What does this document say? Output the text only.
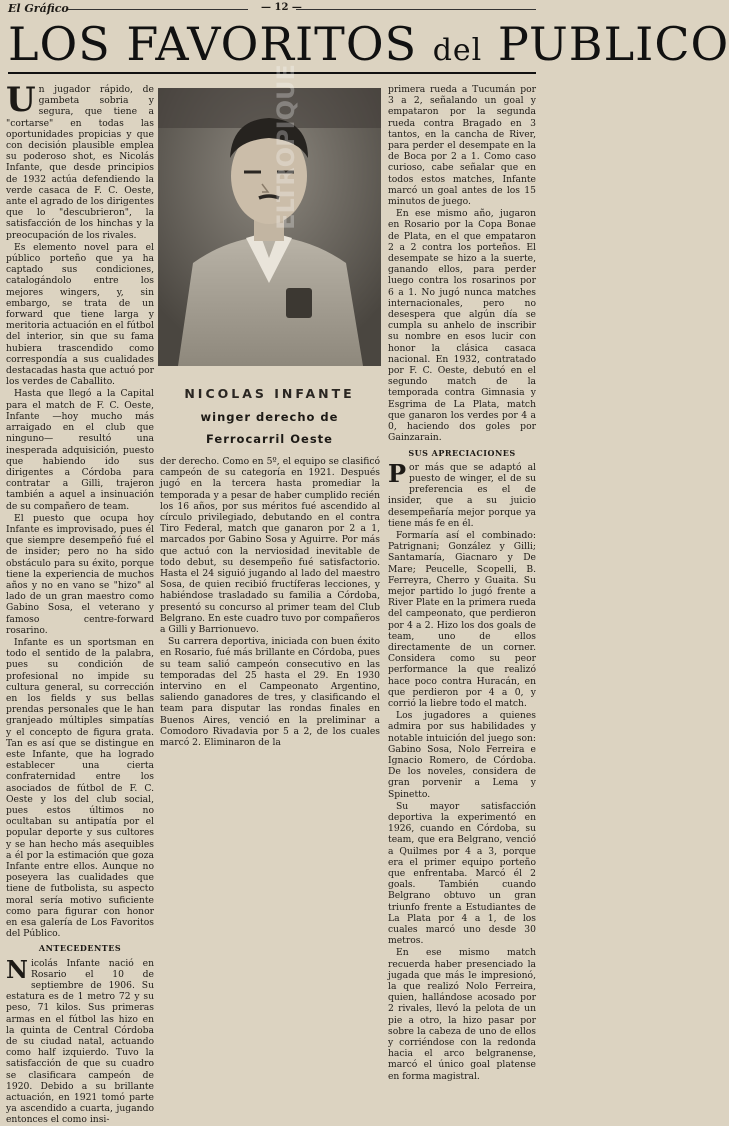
El Gráfico	— 12 —
LOS FAVORITOS del PUBLICO

Un jugador rápido, de gambeta sobria y segura, que tiene a "cortarse" en todas las oportunidades propicias y que con decisión plausible emplea su poderoso shot, es Nicolás Infante, que desde principios de 1932 actúa defendiendo la verde casaca de F. C. Oeste, ante el agrado de los dirigentes que lo "descubrieron", la satisfacción de los hinchas y la preocupación de los rivales.

Es elemento novel para el público porteño que ya ha captado sus condiciones, catalogándolo entre los mejores wingers, y, sin embargo, se trata de un forward que tiene larga y meritoria actuación en el fútbol del interior, sin que su fama hubiera trascendido como correspondía a sus cualidades destacadas hasta que actuó por los verdes de Caballito.

Hasta que llegó a la Capital para el match de F. C. Oeste, Infante —hoy mucho más arraigado en el club que ninguno— resultó una inesperada adquisición, puesto que habiendo ido sus dirigentes a Córdoba para contratar a Gilli, trajeron también a aquel a insinuación de su compañero de team.

El puesto que ocupa hoy Infante es improvisado, pues él que siempre desempeñó fué el de insider; pero no ha sido obstáculo para su éxito, porque tiene la experiencia de muchos años y no en vano se "hizo" al lado de un gran maestro como Gabino Sosa, el veterano y famoso centre-forward rosarino.

Infante es un sportsman en todo el sentido de la palabra, pues su condición de profesional no impide su cultura general, su corrección en los fields y sus bellas prendas personales que le han granjeado múltiples simpatías y el concepto de figura grata. Tan es así que se distingue en este Infante, que ha logrado establecer una cierta confraternidad entre los asociados de fútbol de F. C. Oeste y los del club social, pues estos últimos no ocultaban su antipatía por el popular deporte y sus cultores y se han hecho más asequibles a él por la estimación que goza Infante entre ellos. Aunque no poseyera las cualidades que tiene de futbolista, su aspecto moral sería motivo suficiente como para figurar con honor en esa galería de Los Favoritos del Público.

ANTECEDENTES

Nicolás Infante nació en Rosario el 10 de septiembre de 1906. Su estatura es de 1 metro 72 y su peso, 71 kilos. Sus primeras armas en el fútbol las hizo en la quinta de Central Córdoba de su ciudad natal, actuando como half izquierdo. Tuvo la satisfacción de que su cuadro se clasificara campeón de 1920. Debido a su brillante actuación, en 1921 tomó parte ya ascendido a cuarta, jugando entonces el como insi-

ELTROPIQUE
NICOLAS INFANTE
winger derecho de
Ferrocarril Oeste

der derecho. Como en 5º, el equipo se clasificó campeón de su categoría en 1921. Después jugó en la tercera hasta promediar la temporada y a pesar de haber cumplido recién los 16 años, por sus méritos fué ascendido al círculo privilegiado, debutando en el contra Tiro Federal, match que ganaron por 2 a 1, marcados por Gabino Sosa y Aguirre. Por más que actuó con la nerviosidad inevitable de todo debut, su desempeño fué satisfactorio. Hasta el 24 siguió jugando al lado del maestro Sosa, de quien recibió fructíferas lecciones, y habiéndose trasladado su familia a Córdoba, presentó su concurso al primer team del Club Belgrano. En este cuadro tuvo por compañeros a Gilli y Barrionuevo.

Su carrera deportiva, iniciada con buen éxito en Rosario, fué más brillante en Córdoba, pues su team salió campeón consecutivo en las temporadas del 25 hasta el 29. En 1930 intervino en el Campeonato Argentino, saliendo ganadores de tres, y clasificando el team para disputar las rondas finales en Buenos Aires, venció en la preliminar a Comodoro Rivadavia por 5 a 2, de los cuales marcó 2. Eliminaron de la

primera rueda a Tucumán por 3 a 2, señalando un goal y empataron por la segunda rueda contra Bragado en 3 tantos, en la cancha de River, para perder el desempate en la de Boca por 2 a 1. Como caso curioso, cabe señalar que en todos estos matches, Infante marcó un goal antes de los 15 minutos de juego.

En ese mismo año, jugaron en Rosario por la Copa Bonae de Plata, en el que empataron 2 a 2 contra los porteños. El desempate se hizo a la suerte, ganando ellos, para perder luego contra los rosarinos por 6 a 1. No jugó nunca matches internacionales, pero no desespera que algún día se cumpla su anhelo de inscribir su nombre en esos lucir con honor la clásica casaca nacional. En 1932, contratado por F. C. Oeste, debutó en el segundo match de la temporada contra Gimnasia y Esgrima de La Plata, match que ganaron los verdes por 4 a 0, haciendo dos goles por Gainzarain.

SUS APRECIACIONES

Por más que se adaptó al puesto de winger, el de su preferencia es el de insider, que a su juicio desempeñaría mejor porque ya tiene más fe en él.

Formaría así el combinado: Patrignani; González y Gilli; Santamaría, Giacnaro y De Mare; Peucelle, Scopelli, B. Ferreyra, Cherro y Guaita. Su mejor partido lo jugó frente a River Plate en la primera rueda del campeonato, que perdieron por 4 a 2. Hizo los dos goals de team, uno de ellos directamente de un corner. Considera como su peor performance la que realizó hace poco contra Huracán, en que perdieron por 4 a 0, y corrió la liebre todo el match.

Los jugadores a quienes admira por sus habilidades y notable intuición del juego son: Gabino Sosa, Nolo Ferreira e Ignacio Romero, de Córdoba. De los noveles, considera de gran porvenir a Lema y Spinetto.

Su mayor satisfacción deportiva la experimentó en 1926, cuando en Córdoba, su team, que era Belgrano, venció a Quilmes por 4 a 3, porque era el primer equipo porteño que enfrentaba. Marcó él 2 goals. También cuando Belgrano obtuvo un gran triunfo frente a Estudiantes de La Plata por 4 a 1, de los cuales marcó uno desde 30 metros.

En ese mismo match recuerda haber presenciado la jugada que más le impresionó, la que realizó Nolo Ferreira, quien, hallándose acosado por 2 rivales, llevó la pelota de un pie a otro, la hizo pasar por sobre la cabeza de uno de ellos y corriéndose con la redonda hacia el arco belgranense, marcó el único goal platense en forma magistral.
